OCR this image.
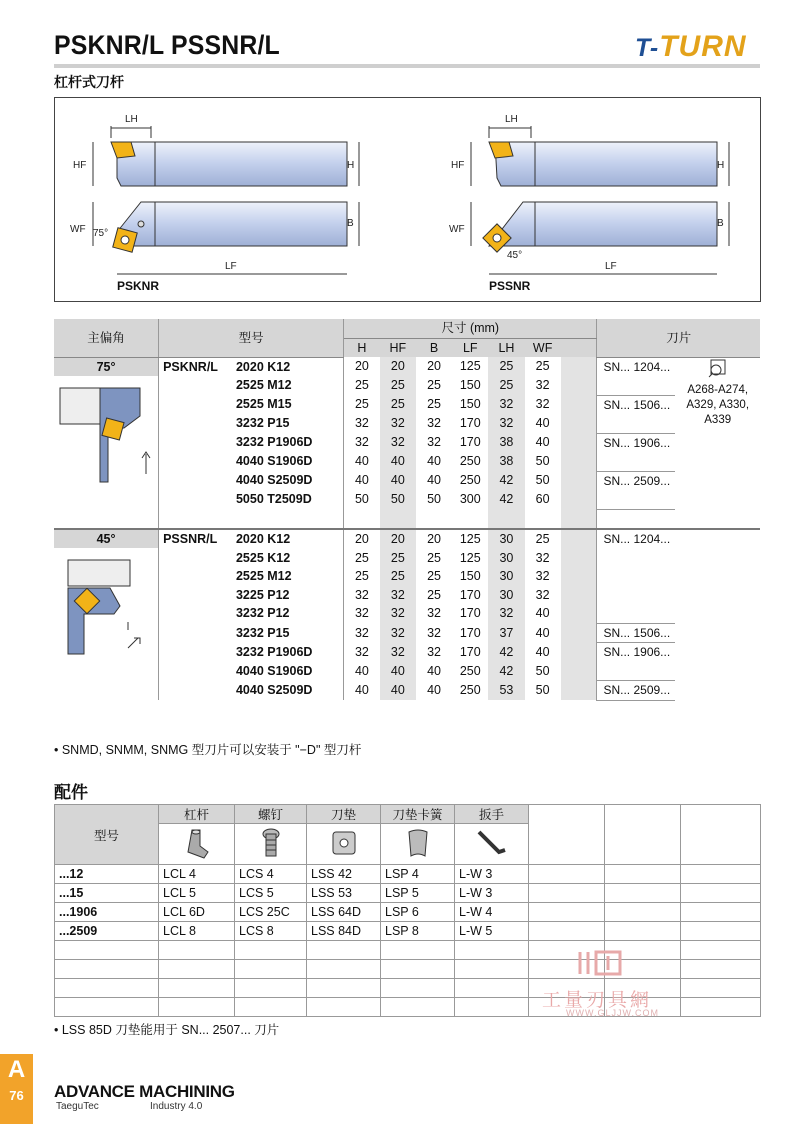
PSKNR/L PSSNR/L	T-TURN
杠杆式刀杆
LH
HF	H
WF 75°
B
LF
PSKNR
LH
HF	H
WF
45°
B
LF
PSSNR
主偏角	型号		尺寸 (mm)							刀片	
			H	HF	B	LF	LH	WF			

75°	PSKNR/L	2020 K12	20	20	20	125	25	25		SN... 1204...	A268-A274,
A329, A330,
A339

		2525 M12	25	25	25	150	25	32			
		2525 M15	25	25	25	150	32	32		SN... 1506...	
		3232 P15	32	32	32	170	32	40			
		3232 P1906D	32	32	32	170	38	40		SN... 1906...	
		4040 S1906D	40	40	40	250	38	50			
		4040 S2509D	40	40	40	250	42	50		SN... 2509...	
		5050 T2509D	50	50	50	300	42	60			

45°	PSSNR/L	2020 K12	20	20	20	125	30	25		SN... 1204...	
		2525 K12	25	25	25	125	30	32			
		2525 M12	25	25	25	150	30	32			
		3225 P12	32	32	25	170	30	32			
		3232 P12	32	32	32	170	32	40			
		3232 P15	32	32	32	170	37	40		SN... 1506...	
		3232 P1906D	32	32	32	170	42	40		SN... 1906...	
		4040 S1906D	40	40	40	250	42	50			
		4040 S2509D	40	40	40	250	53	50		SN... 2509...	
• SNMD, SNMM, SNMG 型刀片可以安装于 "−D" 型刀杆
配件
型号	杠杆	螺钉	刀垫	刀垫卡簧	扳手			

...12	LCL 4	LCS 4	LSS 42	LSP 4	L-W 3			
...15	LCL 5	LCS 5	LSS 53	LSP 5	L-W 3			
...1906	LCL 6D	LCS 25C	LSS 64D	LSP 6	L-W 4			
...2509	LCL 8	LCS 8	LSS 84D	LSP 8	L-W 5			

• LSS 85D 刀垫能用于 SN... 2507... 刀片
工量刃具網
WWW.GLJJW.COM
A
76	ADVANCE MACHINING
TaeguTec	Industry 4.0
